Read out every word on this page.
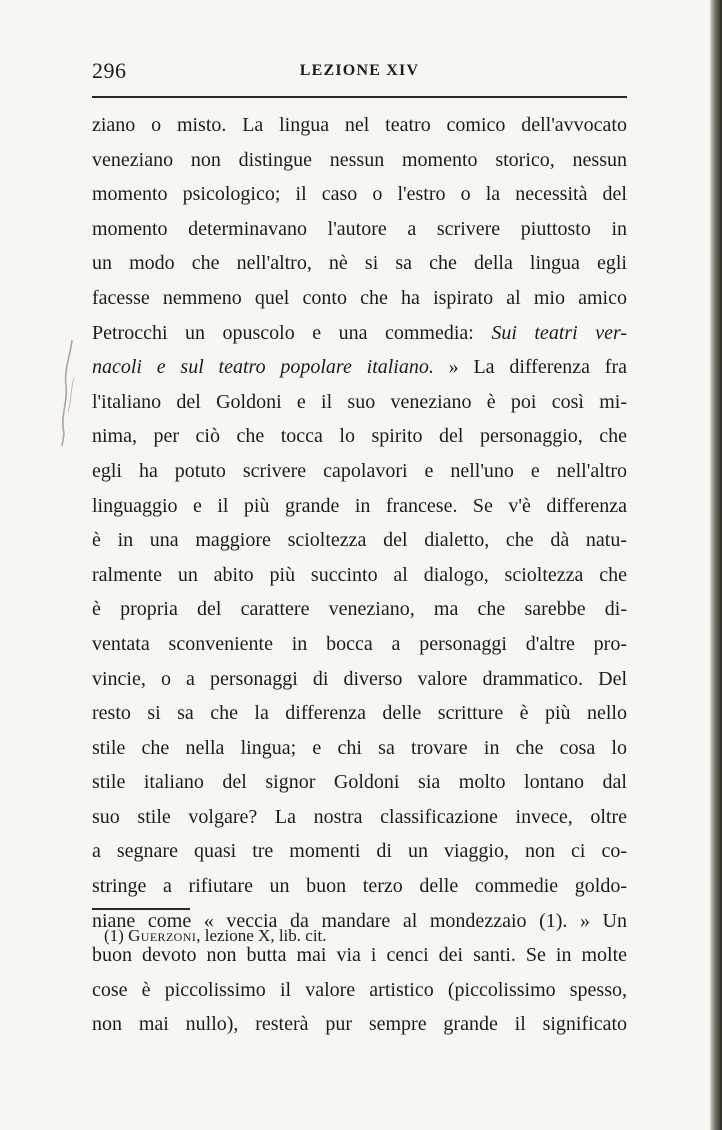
296	LEZIONE XIV
ziano o misto. La lingua nel teatro comico dell'avvocato
veneziano non distingue nessun momento storico, nessun
momento psicologico; il caso o l'estro o la necessità del
momento determinavano l'autore a scrivere piuttosto in
un modo che nell'altro, nè si sa che della lingua egli
facesse nemmeno quel conto che ha ispirato al mio amico
Petrocchi un opuscolo e una commedia: Sui teatri ver-
nacoli e sul teatro popolare italiano. » La differenza fra
l'italiano del Goldoni e il suo veneziano è poi così mi-
nima, per ciò che tocca lo spirito del personaggio, che
egli ha potuto scrivere capolavori e nell'uno e nell'altro
linguaggio e il più grande in francese. Se v'è differenza
è in una maggiore scioltezza del dialetto, che dà natu-
ralmente un abito più succinto al dialogo, scioltezza che
è propria del carattere veneziano, ma che sarebbe di-
ventata sconveniente in bocca a personaggi d'altre pro-
vincie, o a personaggi di diverso valore drammatico. Del
resto si sa che la differenza delle scritture è più nello
stile che nella lingua; e chi sa trovare in che cosa lo
stile italiano del signor Goldoni sia molto lontano dal
suo stile volgare? La nostra classificazione invece, oltre
a segnare quasi tre momenti di un viaggio, non ci co-
stringe a rifiutare un buon terzo delle commedie goldo-
niane come « veccia da mandare al mondezzaio (1). » Un
buon devoto non butta mai via i cenci dei santi. Se in molte
cose è piccolissimo il valore artistico (piccolissimo spesso,
non mai nullo), resterà pur sempre grande il significato
(1) Guerzoni, lezione X, lib. cit.
